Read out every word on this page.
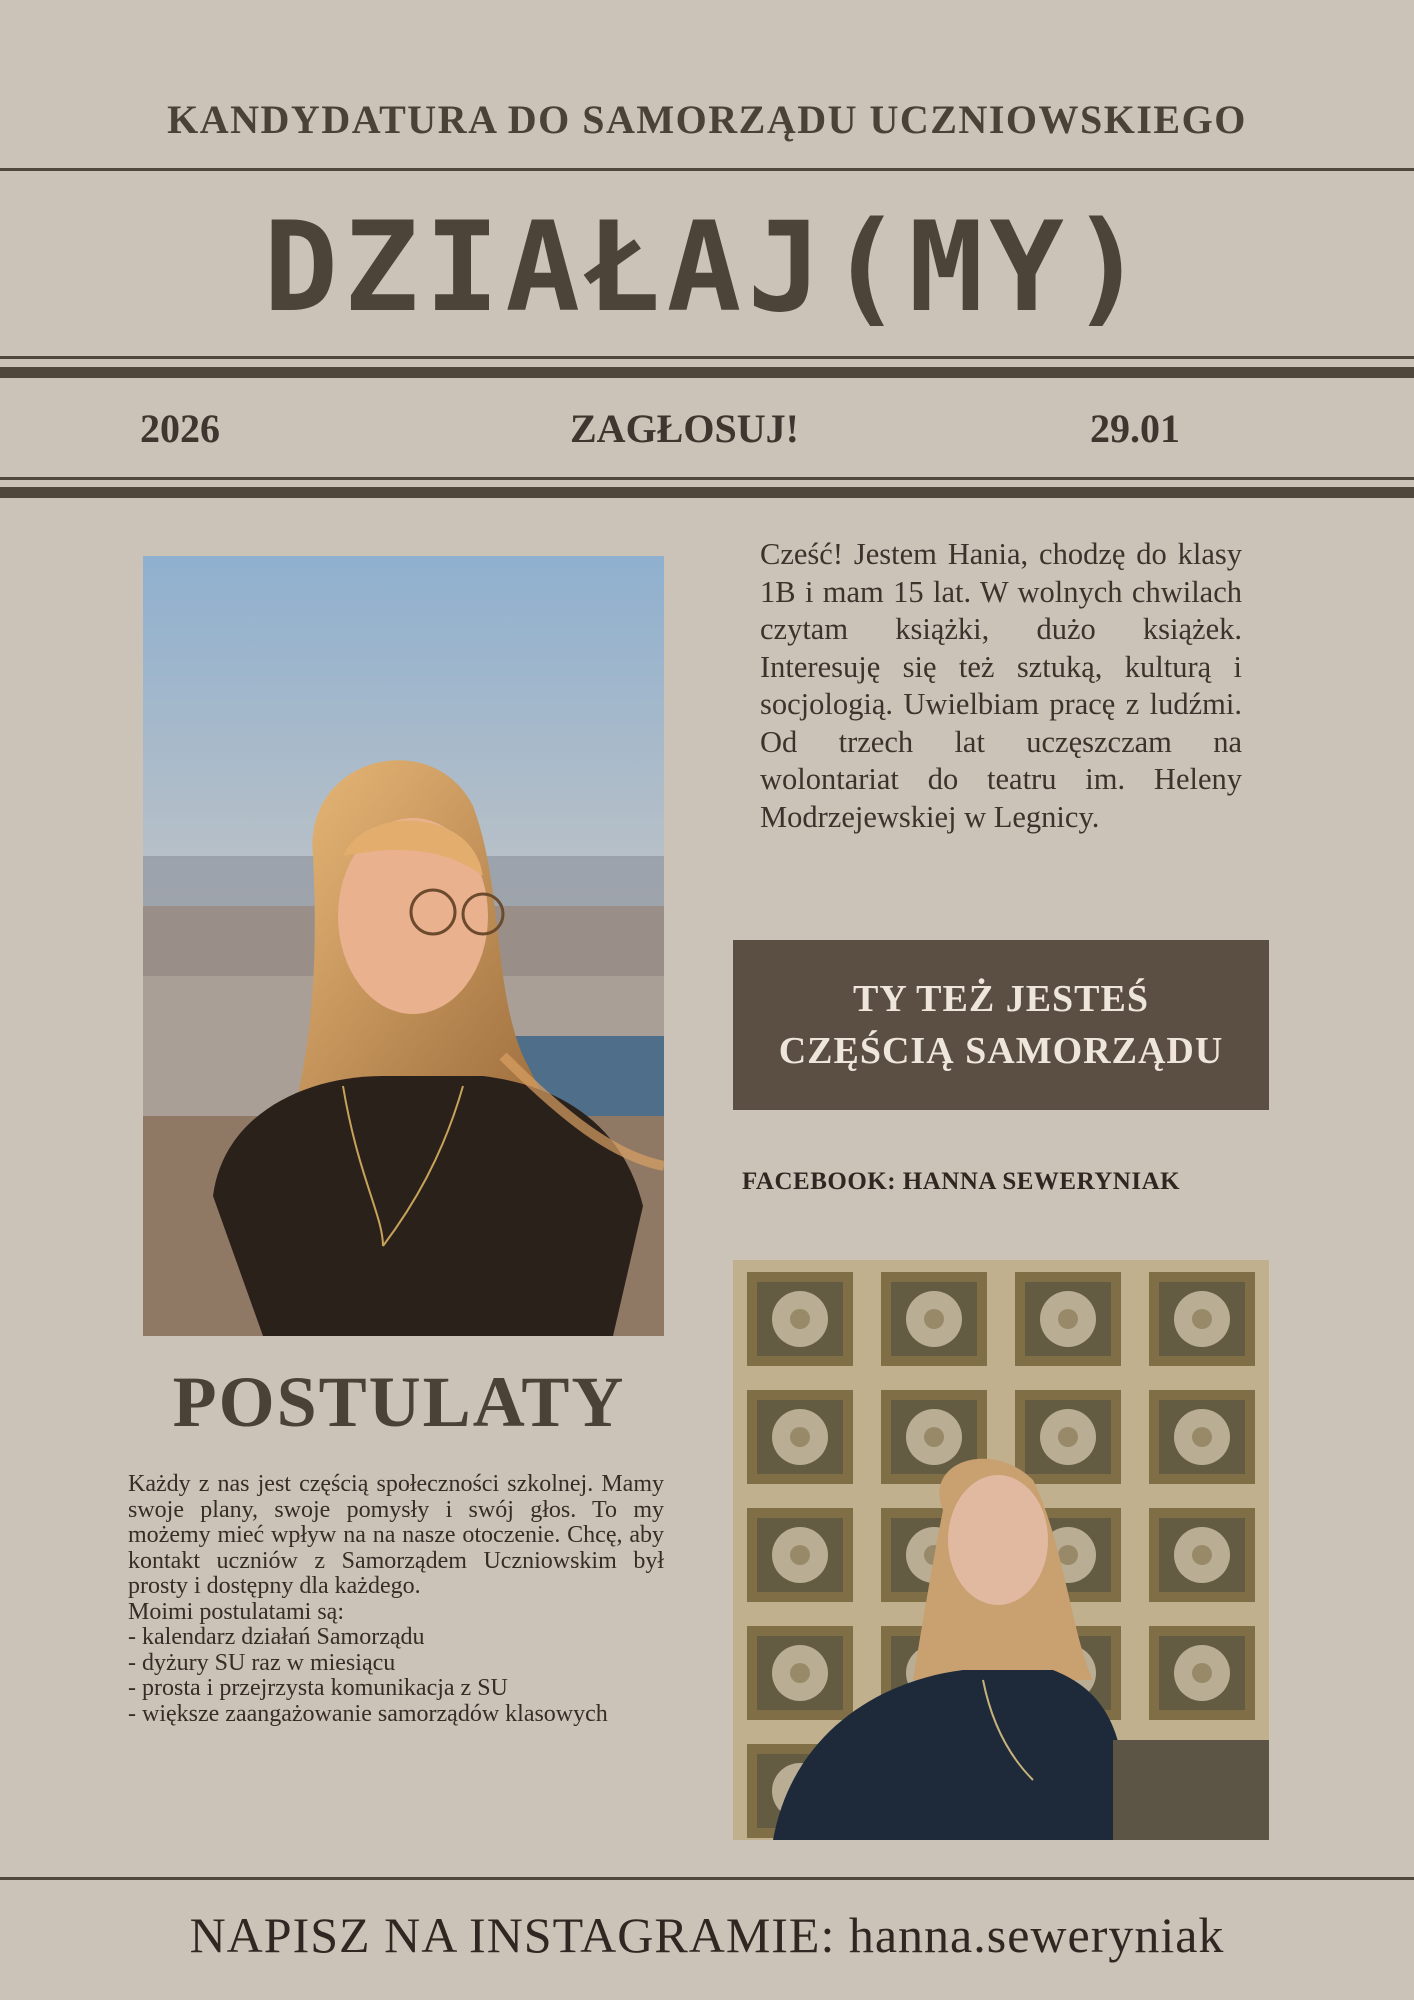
KANDYDATURA DO SAMORZĄDU UCZNIOWSKIEGO
DZIAŁAJ(MY)
2026	ZAGŁOSUJ!	29.01
Cześć! Jestem Hania, chodzę do klasy 1B i mam 15 lat. W wolnych chwilach czytam książki, dużo książek. Interesuję się też sztuką, kulturą i socjologią. Uwielbiam pracę z ludźmi. Od trzech lat uczęszczam na wolontariat do teatru im. Heleny Modrzejewskiej w Legnicy.
TY TEŻ JESTEŚ
CZĘŚCIĄ SAMORZĄDU
FACEBOOK: HANNA SEWERYNIAK
POSTULATY

Każdy z nas jest częścią społeczności szkolnej. Mamy swoje plany, swoje pomysły i swój głos. To my możemy mieć wpływ na na nasze otoczenie. Chcę, aby kontakt uczniów z Samorządem Uczniowskim był prosty i dostępny dla każdego.

Moimi postulatami są:
- kalendarz działań Samorządu
- dyżury SU raz w miesiącu
- prosta i przejrzysta komunikacja z SU
- większe zaangażowanie samorządów klasowych
NAPISZ NA INSTAGRAMIE: hanna.seweryniak
